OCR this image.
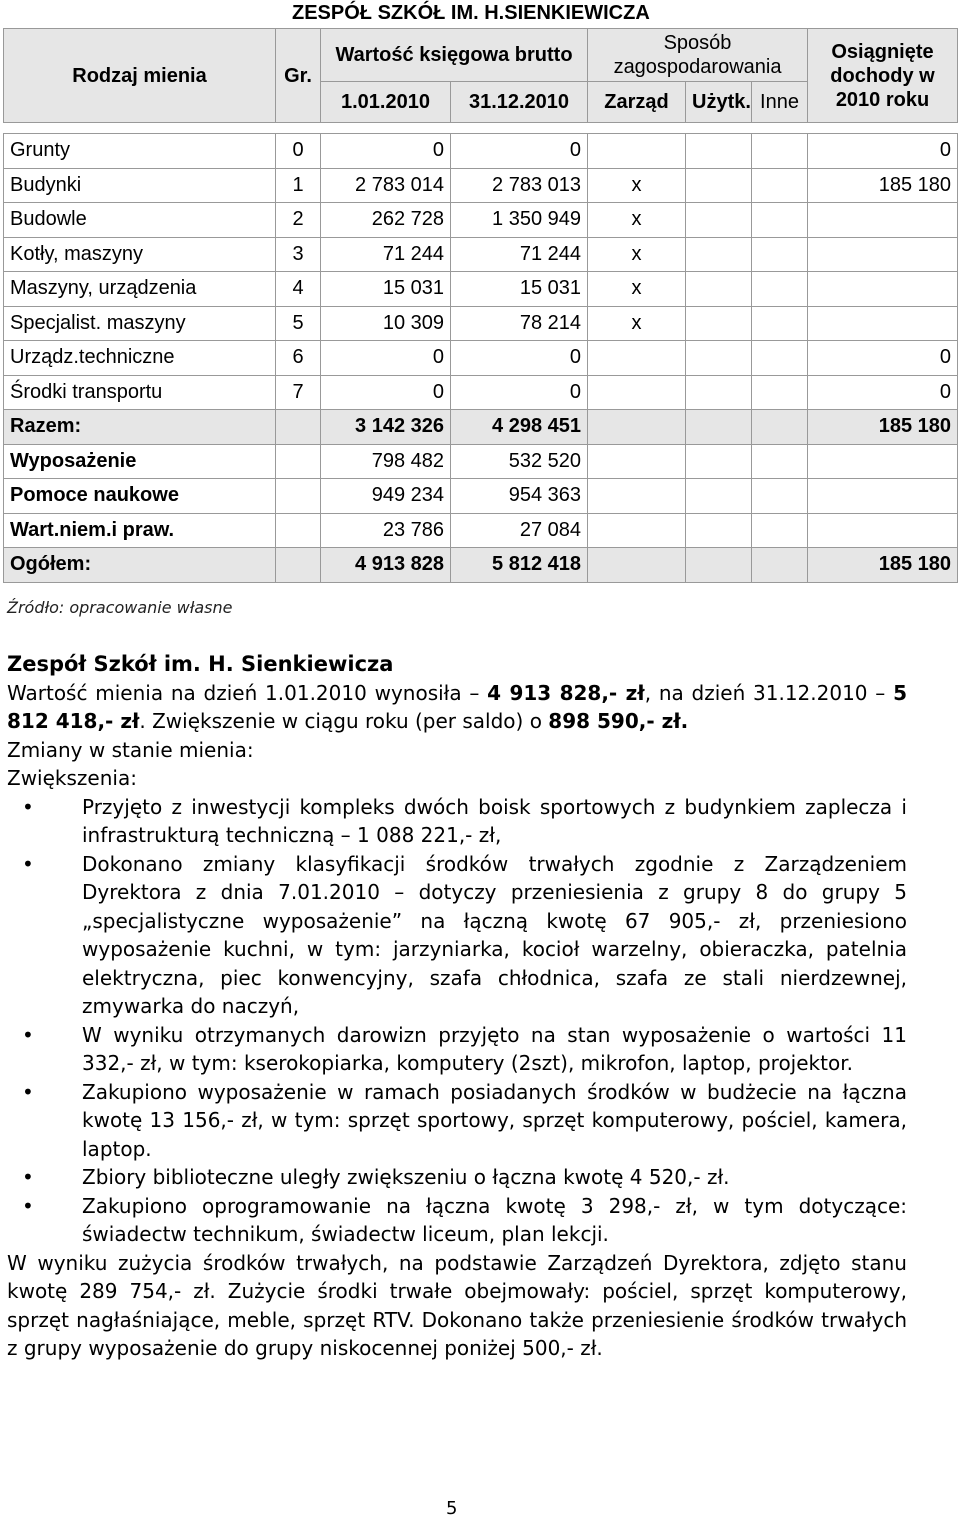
ZESPÓŁ SZKÓŁ IM. H.SIENKIEWICZA
Rodzaj mienia	Gr.	Wartość księgowa brutto		Sposób zagospodarowania			Osiągnięte dochody w 2010 roku
		1.01.2010	31.12.2010	Zarząd	Użytk.	Inne	

Grunty	0	0	0				0
Budynki	1	2 783 014	2 783 013	x			185 180
Budowle	2	262 728	1 350 949	x			
Kotły, maszyny	3	71 244	71 244	x			
Maszyny, urządzenia	4	15 031	15 031	x			
Specjalist. maszyny	5	10 309	78 214	x			
Urządz.techniczne	6	0	0				0
Środki transportu	7	0	0				0
Razem:		3 142 326	4 298 451				185 180
Wyposażenie		798 482	532 520				
Pomoce naukowe		949 234	954 363				
Wart.niem.i praw.		23 786	27 084				
Ogółem:		4 913 828	5 812 418				185 180
Źródło: opracowanie własne

Zespół Szkół im. H. Sienkiewicza

Wartość mienia na dzień 1.01.2010 wynosiła – 4 913 828,- zł, na dzień 31.12.2010 – 5 812 418,- zł. Zwiększenie w ciągu roku (per saldo) o 898 590,- zł.

Zmiany w stanie mienia:

Zwiększenia:

• Przyjęto z inwestycji kompleks dwóch boisk sportowych z budynkiem zaplecza i infrastrukturą techniczną – 1 088 221,- zł,
• Dokonano zmiany klasyfikacji środków trwałych zgodnie z Zarządzeniem Dyrektora z dnia 7.01.2010 – dotyczy przeniesienia z grupy 8 do grupy 5 „specjalistyczne wyposażenie” na łączną kwotę 67 905,- zł, przeniesiono wyposażenie kuchni, w tym: jarzyniarka, kocioł warzelny, obieraczka, patelnia elektryczna, piec konwencyjny, szafa chłodnica, szafa ze stali nierdzewnej, zmywarka do naczyń,
• W wyniku otrzymanych darowizn przyjęto na stan wyposażenie o wartości 11 332,- zł, w tym: kserokopiarka, komputery (2szt), mikrofon, laptop, projektor.
• Zakupiono wyposażenie w ramach posiadanych środków w budżecie na łączna kwotę 13 156,- zł, w tym: sprzęt sportowy, sprzęt komputerowy, pościel, kamera, laptop.
• Zbiory biblioteczne uległy zwiększeniu o łączna kwotę 4 520,- zł.
• Zakupiono oprogramowanie na łączna kwotę 3 298,- zł, w tym dotyczące: świadectw technikum, świadectw liceum, plan lekcji.

W wyniku zużycia środków trwałych, na podstawie Zarządzeń Dyrektora, zdjęto stanu kwotę 289 754,- zł. Zużycie środki trwałe obejmowały: pościel, sprzęt komputerowy, sprzęt nagłaśniające, meble, sprzęt RTV. Dokonano także przeniesienie środków trwałych z grupy wyposażenie do grupy niskocennej poniżej 500,- zł.

5
